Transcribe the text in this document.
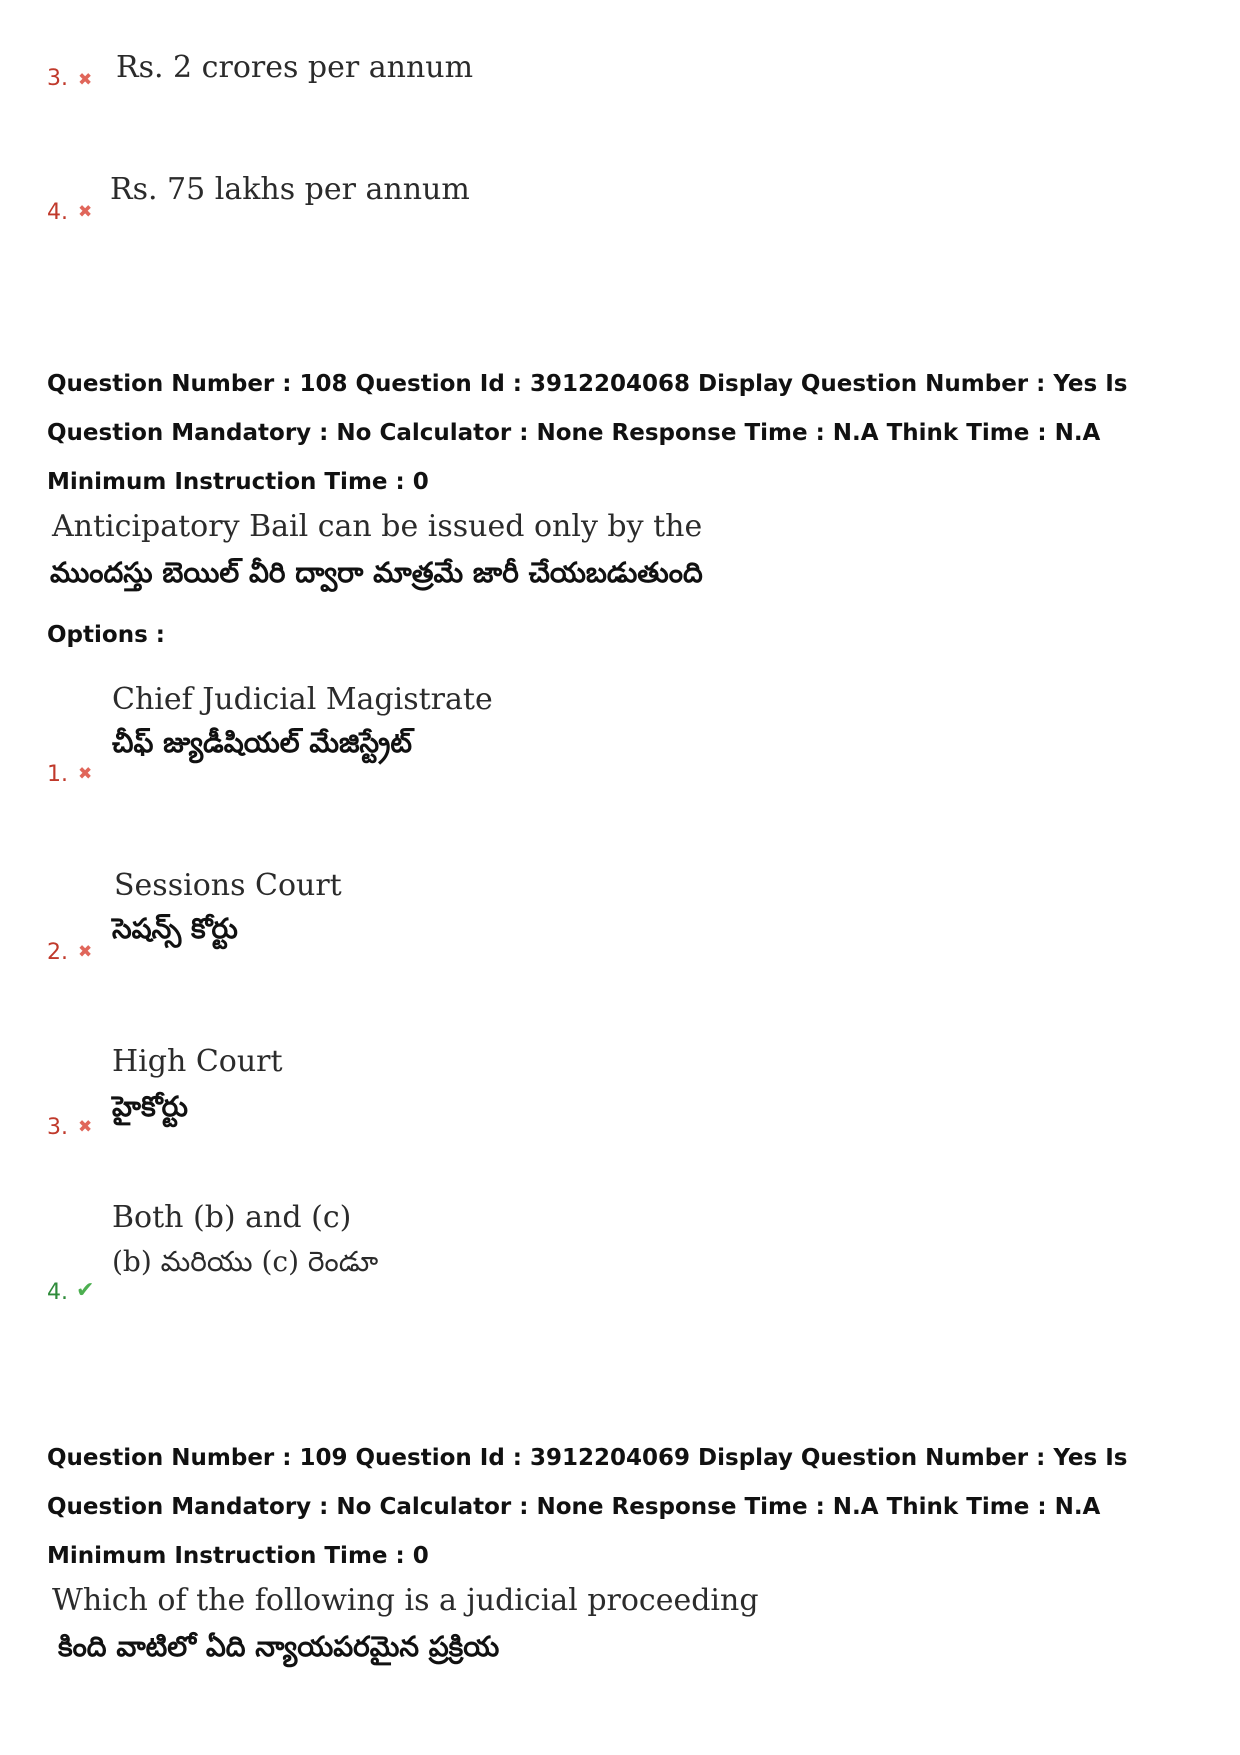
3. ✖ Rs. 2 crores per annum
4. ✖
Rs. 75 lakhs per annum
Question Number : 108 Question Id : 3912204068 Display Question Number : Yes Is Question Mandatory : No Calculator : None Response Time : N.A Think Time : N.A Minimum Instruction Time : 0
Anticipatory Bail can be issued only by the
ముందస్తు బెయిల్ వీరి ద్వారా మాత్రమే జారీ చేయబడుతుంది
Options :
Chief Judicial Magistrate
చీఫ్ జ్యుడీషియల్ మేజిస్ట్రేట్
1. ✖
Sessions Court
సెషన్స్ కోర్టు
2. ✖
High Court
హైకోర్టు
3. ✖
Both (b) and (c)
(b) మరియు (c) రెండూ
4. ✔
Question Number : 109 Question Id : 3912204069 Display Question Number : Yes Is Question Mandatory : No Calculator : None Response Time : N.A Think Time : N.A Minimum Instruction Time : 0
Which of the following is a judicial proceeding
కింది వాటిలో ఏది న్యాయపరమైన ప్రక్రియ
